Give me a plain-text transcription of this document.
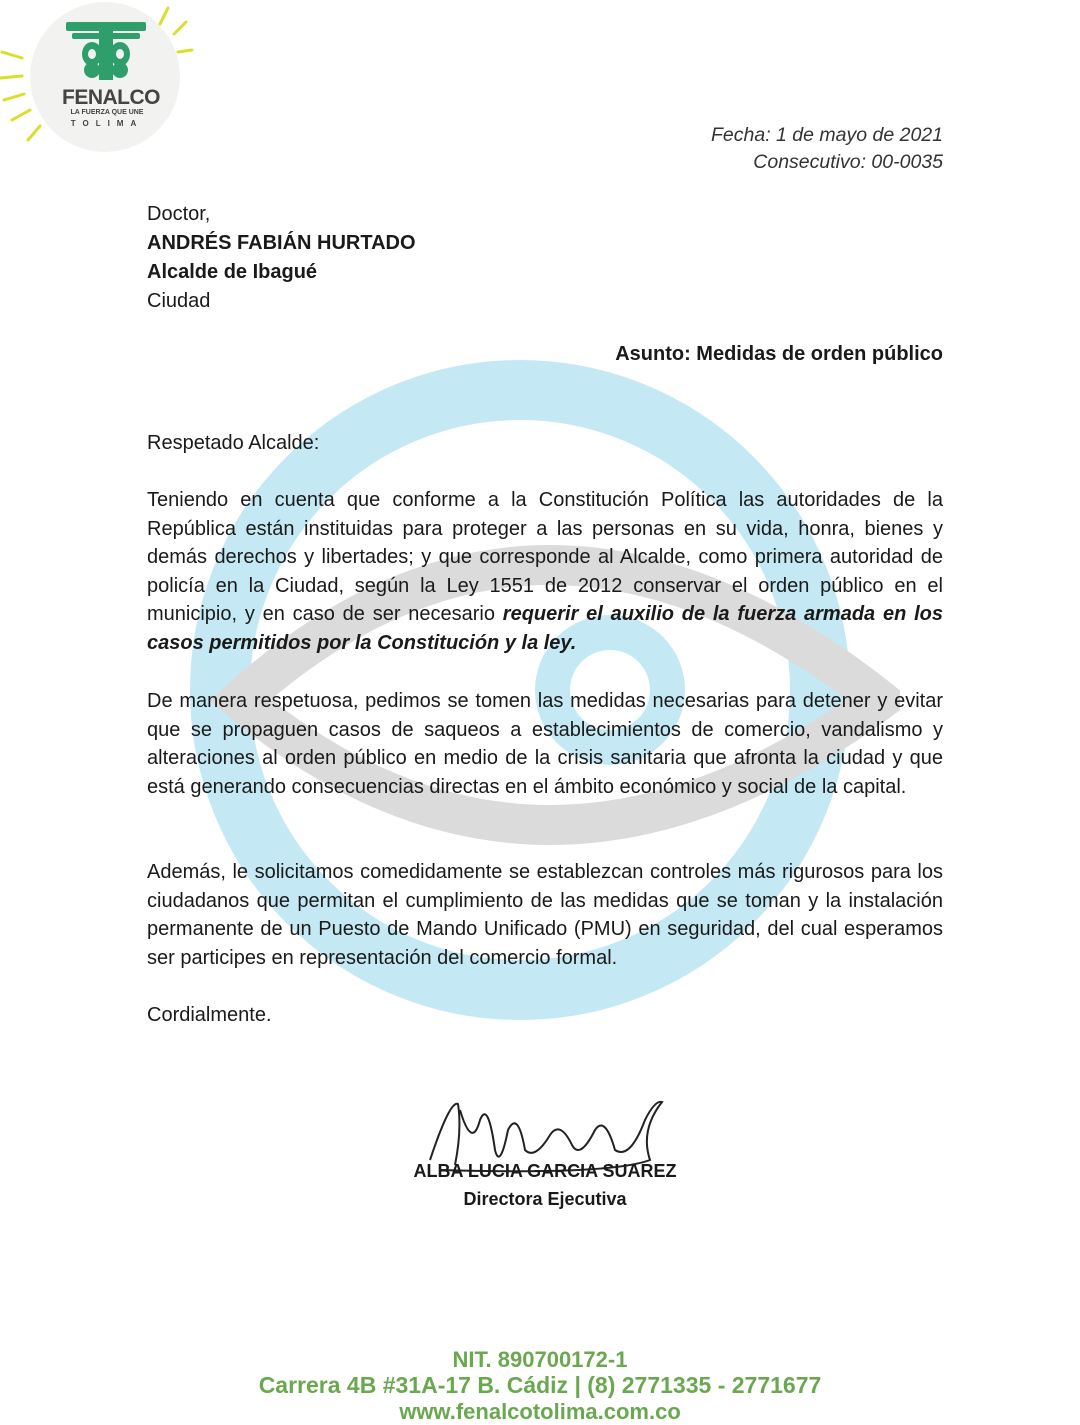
FENALCO
LA FUERZA QUE UNE
TOLIMA
Fecha: 1 de mayo de 2021
Consecutivo: 00-0035
Doctor,
ANDRÉS FABIÁN HURTADO
Alcalde de Ibagué
Ciudad
Asunto: Medidas de orden público
Respetado Alcalde:
Teniendo en cuenta que conforme a la Constitución Política las autoridades de la República están instituidas para proteger a las personas en su vida, honra, bienes y demás derechos y libertades; y que corresponde al Alcalde, como primera autoridad de policía en la Ciudad, según la Ley 1551 de 2012 conservar el orden público en el municipio, y en caso de ser necesario requerir el auxilio de la fuerza armada en los casos permitidos por la Constitución y la ley.
De manera respetuosa, pedimos se tomen las medidas necesarias para detener y evitar que se propaguen casos de saqueos a establecimientos de comercio, vandalismo y alteraciones al orden público en medio de la crisis sanitaria que afronta la ciudad y que está generando consecuencias directas en el ámbito económico y social de la capital.
Además, le solicitamos comedidamente se establezcan controles más rigurosos para los ciudadanos que permitan el cumplimiento de las medidas que se toman y la instalación permanente de un Puesto de Mando Unificado (PMU) en seguridad, del cual esperamos ser participes en representación del comercio formal.
Cordialmente.
ALBA LUCIA GARCIA SUAREZ
Directora Ejecutiva
NIT. 890700172-1
Carrera 4B #31A-17 B. Cádiz | (8) 2771335 - 2771677
www.fenalcotolima.com.co
